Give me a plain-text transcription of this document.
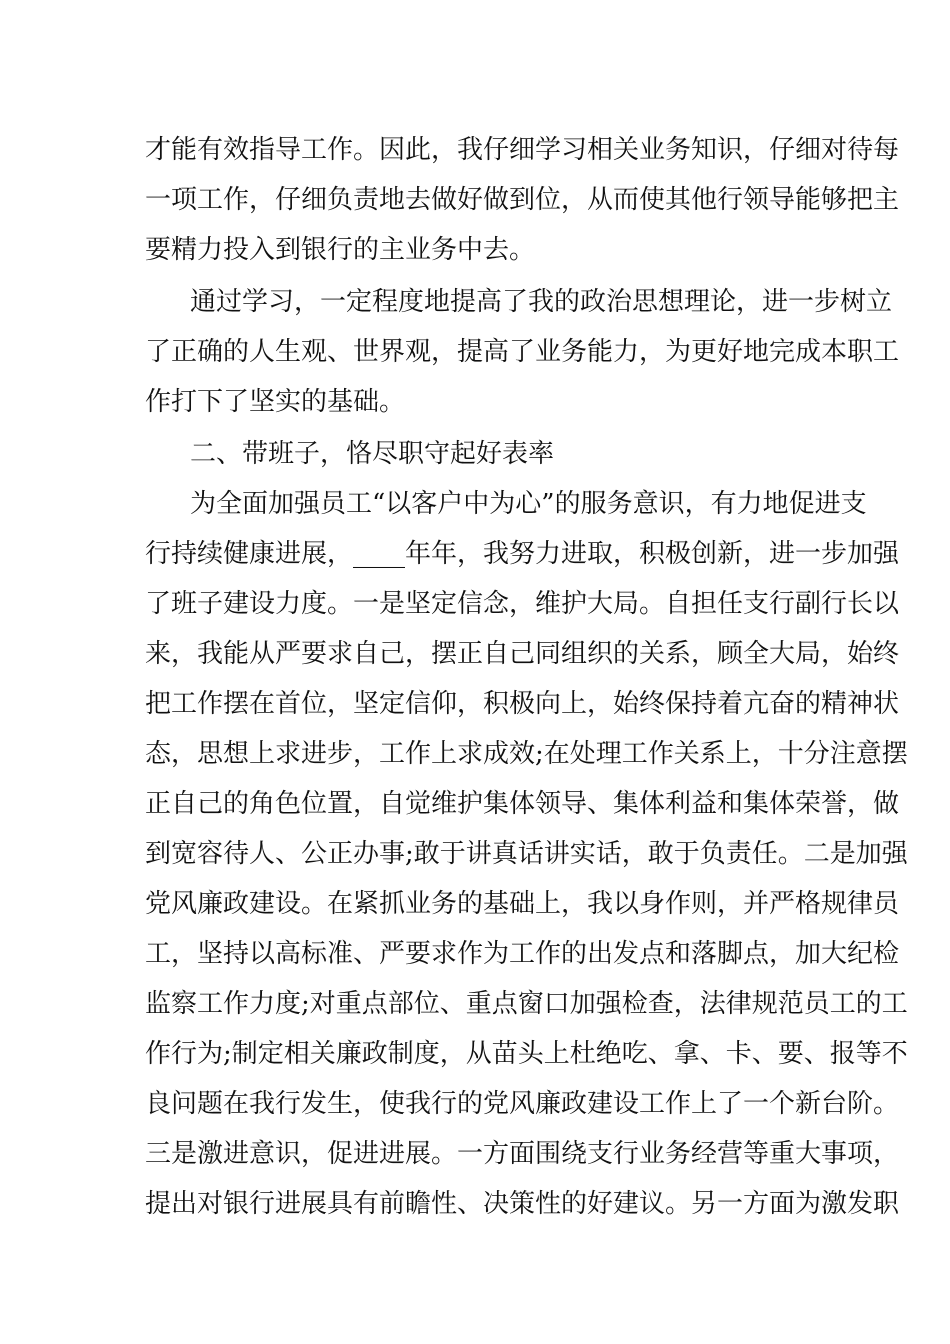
才能有效指导工作。因此，我仔细学习相关业务知识，仔细对待每
一项工作，仔细负责地去做好做到位，从而使其他行领导能够把主
要精力投入到银行的主业务中去。
通过学习，一定程度地提高了我的政治思想理论，进一步树立
了正确的人生观、世界观，提高了业务能力，为更好地完成本职工
作打下了坚实的基础。
二、带班子，恪尽职守起好表率
为全面加强员工“以客户中为心”的服务意识，有力地促进支
行持续健康进展，____年年，我努力进取，积极创新，进一步加强
了班子建设力度。一是坚定信念，维护大局。自担任支行副行长以
来，我能从严要求自己，摆正自己同组织的关系，顾全大局，始终
把工作摆在首位，坚定信仰，积极向上，始终保持着亢奋的精神状
态，思想上求进步，工作上求成效;在处理工作关系上，十分注意摆
正自己的角色位置，自觉维护集体领导、集体利益和集体荣誉，做
到宽容待人、公正办事;敢于讲真话讲实话，敢于负责任。二是加强
党风廉政建设。在紧抓业务的基础上，我以身作则，并严格规律员
工，坚持以高标准、严要求作为工作的出发点和落脚点，加大纪检
监察工作力度;对重点部位、重点窗口加强检查，法律规范员工的工
作行为;制定相关廉政制度，从苗头上杜绝吃、拿、卡、要、报等不
良问题在我行发生，使我行的党风廉政建设工作上了一个新台阶。
三是激进意识，促进进展。一方面围绕支行业务经营等重大事项，
提出对银行进展具有前瞻性、决策性的好建议。另一方面为激发职
